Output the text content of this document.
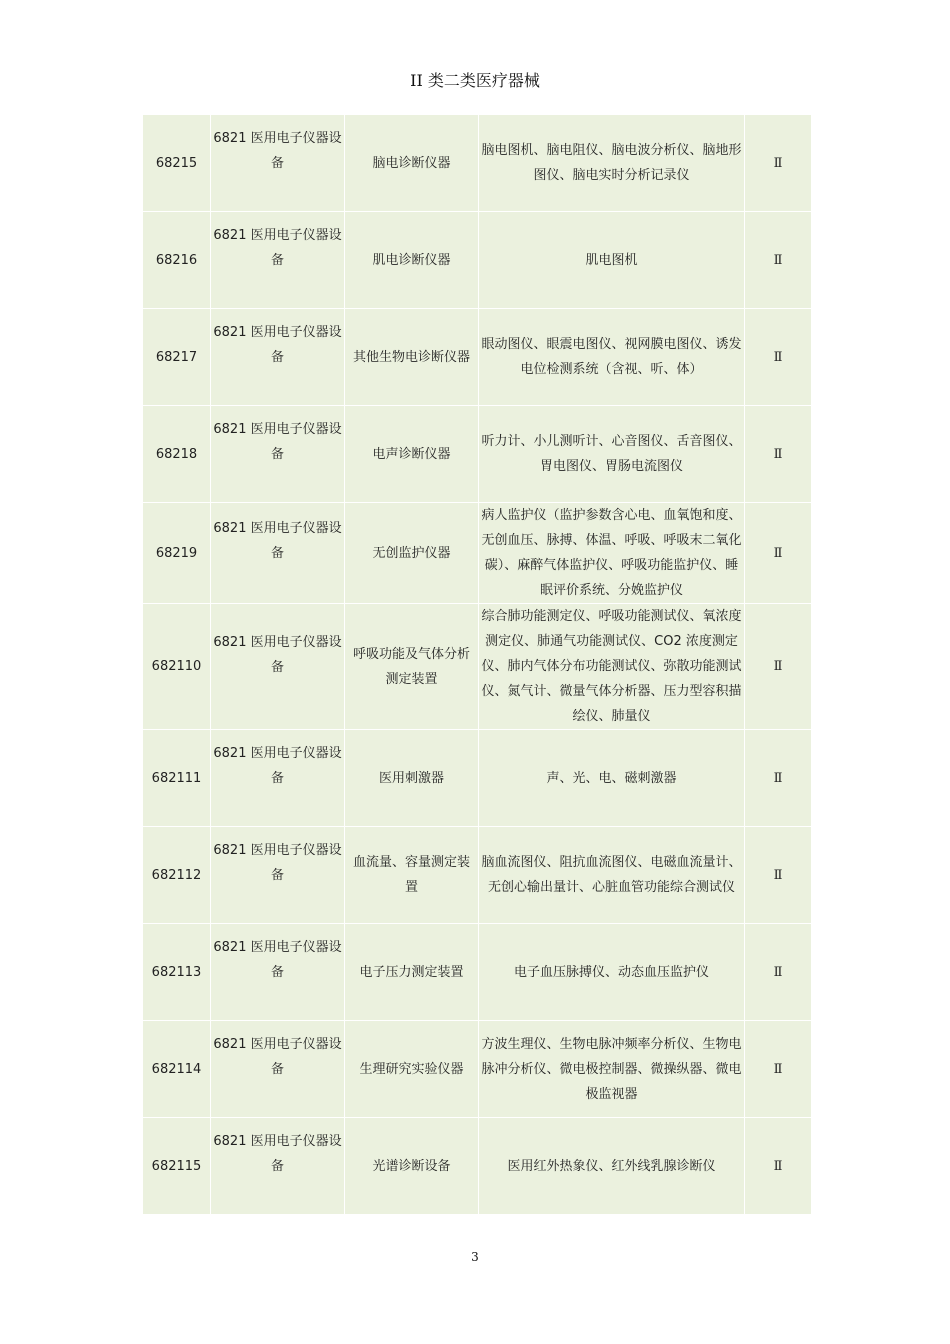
II 类二类医疗器械
68215	6821 医用电子仪器设备	脑电诊断仪器	脑电图机、脑电阻仪、脑电波分析仪、脑地形图仪、脑电实时分析记录仪	Ⅱ
68216	6821 医用电子仪器设备	肌电诊断仪器	肌电图机	Ⅱ
68217	6821 医用电子仪器设备	其他生物电诊断仪器	眼动图仪、眼震电图仪、视网膜电图仪、诱发电位检测系统（含视、听、体）	Ⅱ
68218	6821 医用电子仪器设备	电声诊断仪器	听力计、小儿测听计、心音图仪、舌音图仪、胃电图仪、胃肠电流图仪	Ⅱ
68219	6821 医用电子仪器设备	无创监护仪器	病人监护仪（监护参数含心电、血氧饱和度、无创血压、脉搏、体温、呼吸、呼吸末二氧化碳）、麻醉气体监护仪、呼吸功能监护仪、睡眠评价系统、分娩监护仪	Ⅱ
682110	6821 医用电子仪器设备	呼吸功能及气体分析测定装置	综合肺功能测定仪、呼吸功能测试仪、氧浓度测定仪、肺通气功能测试仪、CO2 浓度测定仪、肺内气体分布功能测试仪、弥散功能测试仪、氮气计、微量气体分析器、压力型容积描绘仪、肺量仪	Ⅱ
682111	6821 医用电子仪器设备	医用刺激器	声、光、电、磁刺激器	Ⅱ
682112	6821 医用电子仪器设备	血流量、容量测定装置	脑血流图仪、阻抗血流图仪、电磁血流量计、无创心输出量计、心脏血管功能综合测试仪	Ⅱ
682113	6821 医用电子仪器设备	电子压力测定装置	电子血压脉搏仪、动态血压监护仪	Ⅱ
682114	6821 医用电子仪器设备	生理研究实验仪器	方波生理仪、生物电脉冲频率分析仪、生物电脉冲分析仪、微电极控制器、微操纵器、微电极监视器	Ⅱ
682115	6821 医用电子仪器设备	光谱诊断设备	医用红外热象仪、红外线乳腺诊断仪	Ⅱ
3
